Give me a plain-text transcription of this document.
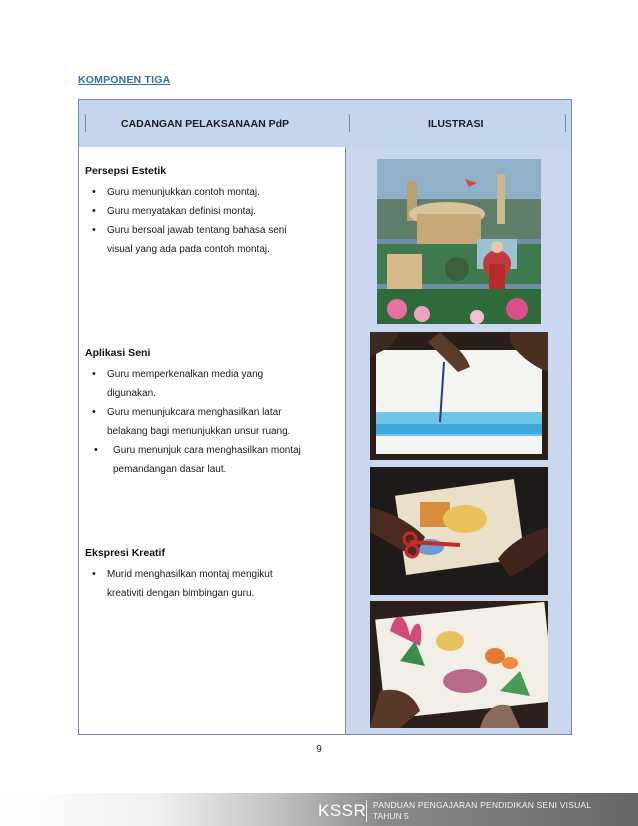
KOMPONEN TIGA
CADANGAN PELAKSANAAN PdP	ILUSTRASI
Persepsi Estetik
• Guru menunjukkan contoh montaj.
• Guru menyatakan definisi montaj.
• Guru bersoal jawab tentang bahasa seni
visual yang ada pada contoh montaj.
Aplikasi Seni
• Guru memperkenalkan media yang
digunakan.
• Guru menunjukcara menghasilkan latar
belakang bagi menunjukkan unsur ruang.
• Guru menunjuk cara menghasilkan montaj
pemandangan dasar laut.
Ekspresi Kreatif
• Murid menghasilkan montaj mengikut
kreativiti dengan bimbingan guru.
9
KSSR PANDUAN PENGAJARAN PENDIDIKAN SENI VISUAL
TAHUN 5
